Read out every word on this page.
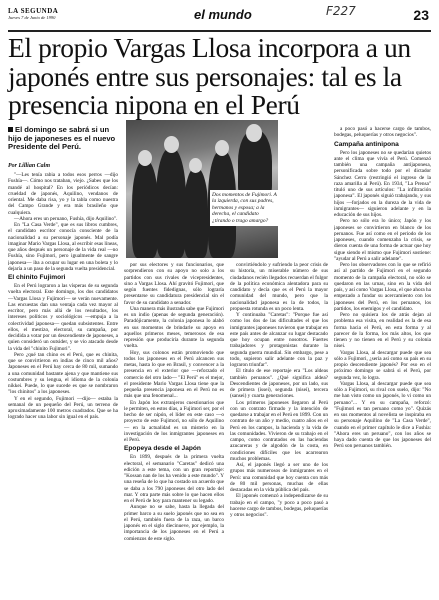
LA SEGUNDA
Jueves 7 de Junio de 1990	el mundo	F227	23
El propio Vargas Llosa incorpora a un japonés entre sus personajes: tal es la presencia nipona en el Perú
El domingo se sabrá si un hijo de japoneses es el nuevo Presidente del Perú.
Por Lillian Calm
Dos momentos de Fujimori. A la izquierda, con sus padres, hermanos y esposa; a la derecha, el candidato ¿tirando o trago amargo?

"—Les tenía rabia a todos esos perros —dijo Fushía—. Cómo nos trataban, viejo. ¿Sabes que los mandé al hospital? En los periódicos decían: crueldad de japonés, Aquilino, vendanos de oriental. Me daba risa, yo y la tabla como nuestra del Campo Grande y era más brasileño que cualquiera.

—Ahora eres un peruano, Fushía, dijo Aquilino".

En "La Casa Verde", que es sus libros cumbres, el candidato escritor conocía consciente de la nacionalidad a su personaje japonés. Mal podía imaginar Mario Vargas Llosa, al escribir esas líneas, que años después un personaje de la vida real —no Fushía, sino Fujimori, pero igualmente de sangre japonesa— iba a ocupar su lugar en una boleta y lo dejaría a un paso de la segunda vuelta presidencial.

El chinito Fujimori

En el Perú lograron a las vísperas de su segunda vuelta electoral. Este domingo, los dos candidatos —Vargas Llosa y Fujimori— se verán nuevamente. Las encuestas dan una ventaja cada vez mayor al escritor, pero más allá de los resultados, los intereses políticos y sociológicos —empuja a la colectividad japonesa— quedan subsistentes. Entre ellos, el mestizo, electoral, su campaña, por decidida a votar por un descendiente de japoneses, a quien consideró un outsider, y se vio atacado desde la vida del "chinito Fujimori".

Pero ¿qué tan chino es el Perú, que es chinita, que se convirtieron en indias de cinco mil años? Japoneses en el Perú hay cerca de 80 mil, sumando a una comunidad bastante ajena y que mantiene sus costumbres y su lengua, el idioma de la colonia nikkei. Puede, lo que sucede es que se nombraron "los chinitos" a los japoneses.

Y en el segundo, Fujimori —dijo— estaba la semanal de un pequeño del Perú, un terreno de aproximadamente 100 metros cuadrados. Que se ha logrado hacer una labor sin igual en el país.

por sus electores y sus funcionarios, que sorprendieron con su apoyo no solo a los partidos con sus rivales de vicepresidentes, sino a Vargas Llosa. Ahí gravitó Fujimori, que según fuentes fidedignas, sólo lograría presentarse su candidatura presidencial sin el favor de su candidato a senador.

Una manera más ilustrada sabe que Fujimori es un indio (apenas de segunda generación). Paradójicamente, la colonia japonesa lo alabó en sus momentos de brindarle su apoyo en aquellos primeros meses, temerosos de esa represión que produciría durante la segunda vuelta.

Hoy, sus colonos están promoviendo que todos los japoneses en el Perú alcancen sus metas, hasta lo que en Brasil, y convencer a la presencia en el exterior que —reforzado el comercio del otro lado— "El Perú" es el mejor, el presidente Mario Vargas Llosa tiene que la pequeña presencia japonesa en el Perú no es más que una fenomenal...

En Japón los extranjeros cuestionarios que le permiten, en estos días, a Fujimori ser, por el hecho de ser nipón, el líder en este caso —o proyecto de este Fujimori, no sólo de Aquilino— en la actualidad es un misterio en la investigación de los inmigrantes japoneses en el Perú.

Epopeya desde el Japón

En 1899, después de la primera vuelta electoral, el semanario "Caretas" dedicó una edición a este tema, con un gran reportaje: "Kossan nan de los ha venido a este mundo". Y una reseña de lo que ha costado un acuerdo que se daba a los 790 japoneses del otro lado del mar. Y otra parte más sobre lo que hacen ellos en el Perú de hoy para mantener su legado.

Aunque no se sabe, hasta la llegada del primer barco a su suelo japonés que no sea en el Perú, también fuera de la raza, un barco japonés en el siglo diecinueve, por ejemplo, la importancia de los japoneses en el Perú a comienzos de este siglo.

convirtiéndolo y sufriendo la peor crisis de su historia, un miserable número de sus ciudadanos recién llegados recuerdan el fulgor de la política económica alentadora para su candidato y decía que es el Perú la mayor comunidad del mundo, pero que la nacionalidad japonesa es la de todos, la propuesta rotunda es un poco lenta.

Y continuaba "Caretas": "Porque fue así como los dos de las dificultades el que los inmigrantes japoneses tuvieron que trabajar en este país antes de alcanzar su lugar destacado que hoy ocupan entre nosotros. Fuertes trabajadores y protagonistas durante la segunda guerra mundial. Sin embargo, pese a todo, supieron salir adelante con la paz y lograron triunfar".

El título de ese reportaje era "Los aldeas también peruanos". ¿Qué significa aldea? Descendientes de japoneses, por un lado, sus de primera (issei), segunda (nisei), tercera (sansei) y cuarta generaciones.

Los primeros japoneses llegaron al Perú con un contrato firmado y la intención de quedarse a trabajar en el Perú en 1899. Con un contrato de un año y medio, cuatro años en el Perú en los campos, la hacienda y la vida de las comunidades. Vivieron de su trabajo en el campo, como contratados en las haciendas azucareras y de algodón de la costa, en condiciones difíciles que les acarrearon muchos problemas.

Así, el japonés llegó a ser uno de los grupos más numerosos de inmigrantes en el Perú: una comunidad que hoy cuenta con más de 80 mil personas, muchas de ellas destacadas en la vida pública del país.

El japonés comenzó a independizarse de su trabajo en el campo, "y poco a poco pasó a hacerse cargo de tambos, bodegas, peluquerías y otros negocios".

a poco pasó a hacerse cargo de tambos, bodegas, peluquerías y otros negocios".

Campaña antinipona

Pero los japoneses no se quedarían quietos ante el clima que vivía el Perú. Comenzó también una campaña antijaponesa, personificada sobre todo por el dictador Sánchez Cerro (restringió el ingreso de la raza amarilla al Perú). En 1934, "La Prensa" tituló uno de sus artículos: "La infiltración japonesa". El japonés siguió trabajando, y sus hijos —forjados en la dureza de la vida de inmigrantes— siguieron adelante y en la educación de sus hijos.

Pero no sólo era lo único; Japón y los japoneses se convirtieron en blanco de los peruanos. Fue así como en el periodo de los japoneses, cuando comenzaba la crisis, se dieron cuenta de una forma de actuar que hoy sigue siendo el mismo que Fujimori sostiene: "ayudar al Perú a salir adelante".

Pero los observadores con lo que se refirió así al partido de Fujimori en el segundo momento de la campaña electoral, no sólo se quedaron en las urnas, sino en la vida del país, y así como Vargas Llosa, el que ahora ha empezado a fundar su acercamiento con los japoneses del Perú, en los peruanos, los partidos, los enemigos y el candidato.

Pero no quisiera los de atrás dejan al problema esa visita, en realidad es la de esa forma hacia el Perú, en esta forma y al parecer de la forma, los más altos, los que tienen y no tienen en el Perú y su colonia nisei.

Vargas Llosa, al descargar puede que sea sólo a Fujimori, ¿sería así como su país en su propio descendiente japonés? Por eso en el próximo domingo se sabrá si el Perú, por segunda vez, lo logra.

Vargas Llosa, al descargar puede que sea sólo a Fujimori, su rival con suelo, dijo: "No me han visto como un japonés, lo vi como un peruano"... Y en su campaña, reforzó: "Fujimori es tan peruano como yo". Quizás en sus momentos al novelista se inspiraba en su personaje Aquilino de "La Casa Verde", cuando en el primer capítulo le dice a Fushía: "Ahora eres un peruano", con los años se haya dado cuenta de que los japoneses del Perú son peruanos también.
